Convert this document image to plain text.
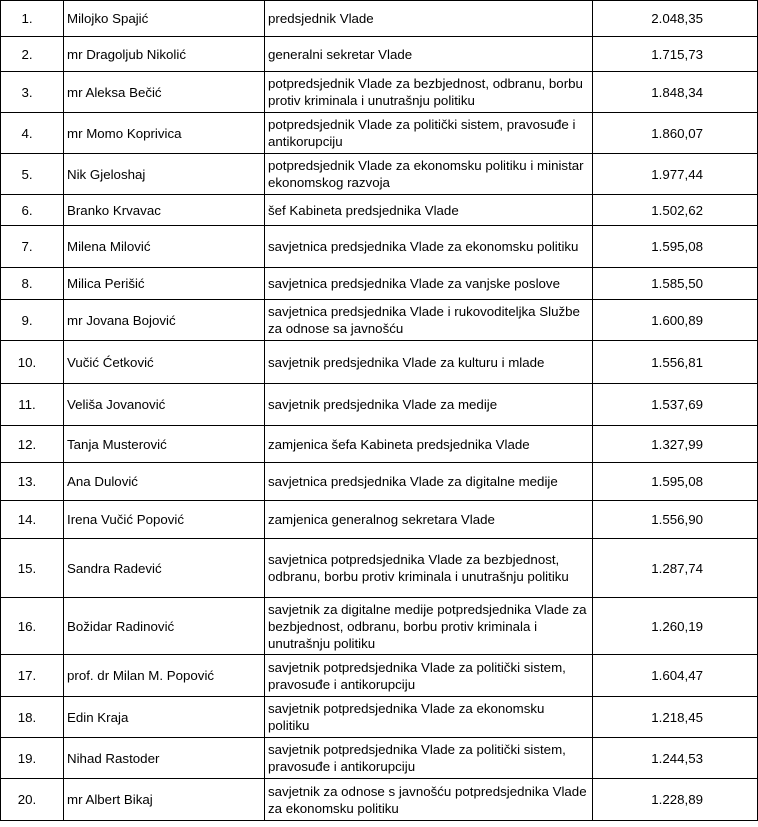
1.	Milojko Spajić	predsjednik Vlade	2.048,35
2.	mr Dragoljub Nikolić	generalni sekretar Vlade	1.715,73
3.	mr Aleksa Bečić	potpredsjednik Vlade za bezbjednost, odbranu, borbu protiv kriminala i unutrašnju politiku	1.848,34
4.	mr Momo Koprivica	potpredsjednik Vlade za politički sistem, pravosuđe i antikorupciju	1.860,07
5.	Nik Gjeloshaj	potpredsjednik Vlade za ekonomsku politiku i ministar ekonomskog razvoja	1.977,44
6.	Branko Krvavac	šef Kabineta predsjednika Vlade	1.502,62
7.	Milena Milović	savjetnica predsjednika Vlade za ekonomsku politiku	1.595,08
8.	Milica Perišić	savjetnica predsjednika Vlade za vanjske poslove	1.585,50
9.	mr Jovana Bojović	savjetnica predsjednika Vlade i rukovoditeljka Službe za odnose sa javnošću	1.600,89
10.	Vučić Ćetković	savjetnik predsjednika Vlade za kulturu i mlade	1.556,81
11.	Veliša Jovanović	savjetnik predsjednika Vlade za medije	1.537,69
12.	Tanja Musterović	zamjenica šefa Kabineta predsjednika Vlade	1.327,99
13.	Ana Dulović	savjetnica predsjednika Vlade za digitalne medije	1.595,08
14.	Irena Vučić Popović	zamjenica generalnog sekretara Vlade	1.556,90
15.	Sandra Radević	savjetnica potpredsjednika Vlade za bezbjednost, odbranu, borbu protiv kriminala i unutrašnju politiku	1.287,74
16.	Božidar Radinović	savjetnik za digitalne medije potpredsjednika Vlade za bezbjednost, odbranu, borbu protiv kriminala i unutrašnju politiku	1.260,19
17.	prof. dr Milan M. Popović	savjetnik potpredsjednika Vlade za politički sistem, pravosuđe i antikorupciju	1.604,47
18.	Edin Kraja	savjetnik potpredsjednika Vlade za ekonomsku politiku	1.218,45
19.	Nihad Rastoder	savjetnik potpredsjednika Vlade za politički sistem, pravosuđe i antikorupciju	1.244,53
20.	mr Albert Bikaj	savjetnik za odnose s javnošću potpredsjednika Vlade za ekonomsku politiku	1.228,89
